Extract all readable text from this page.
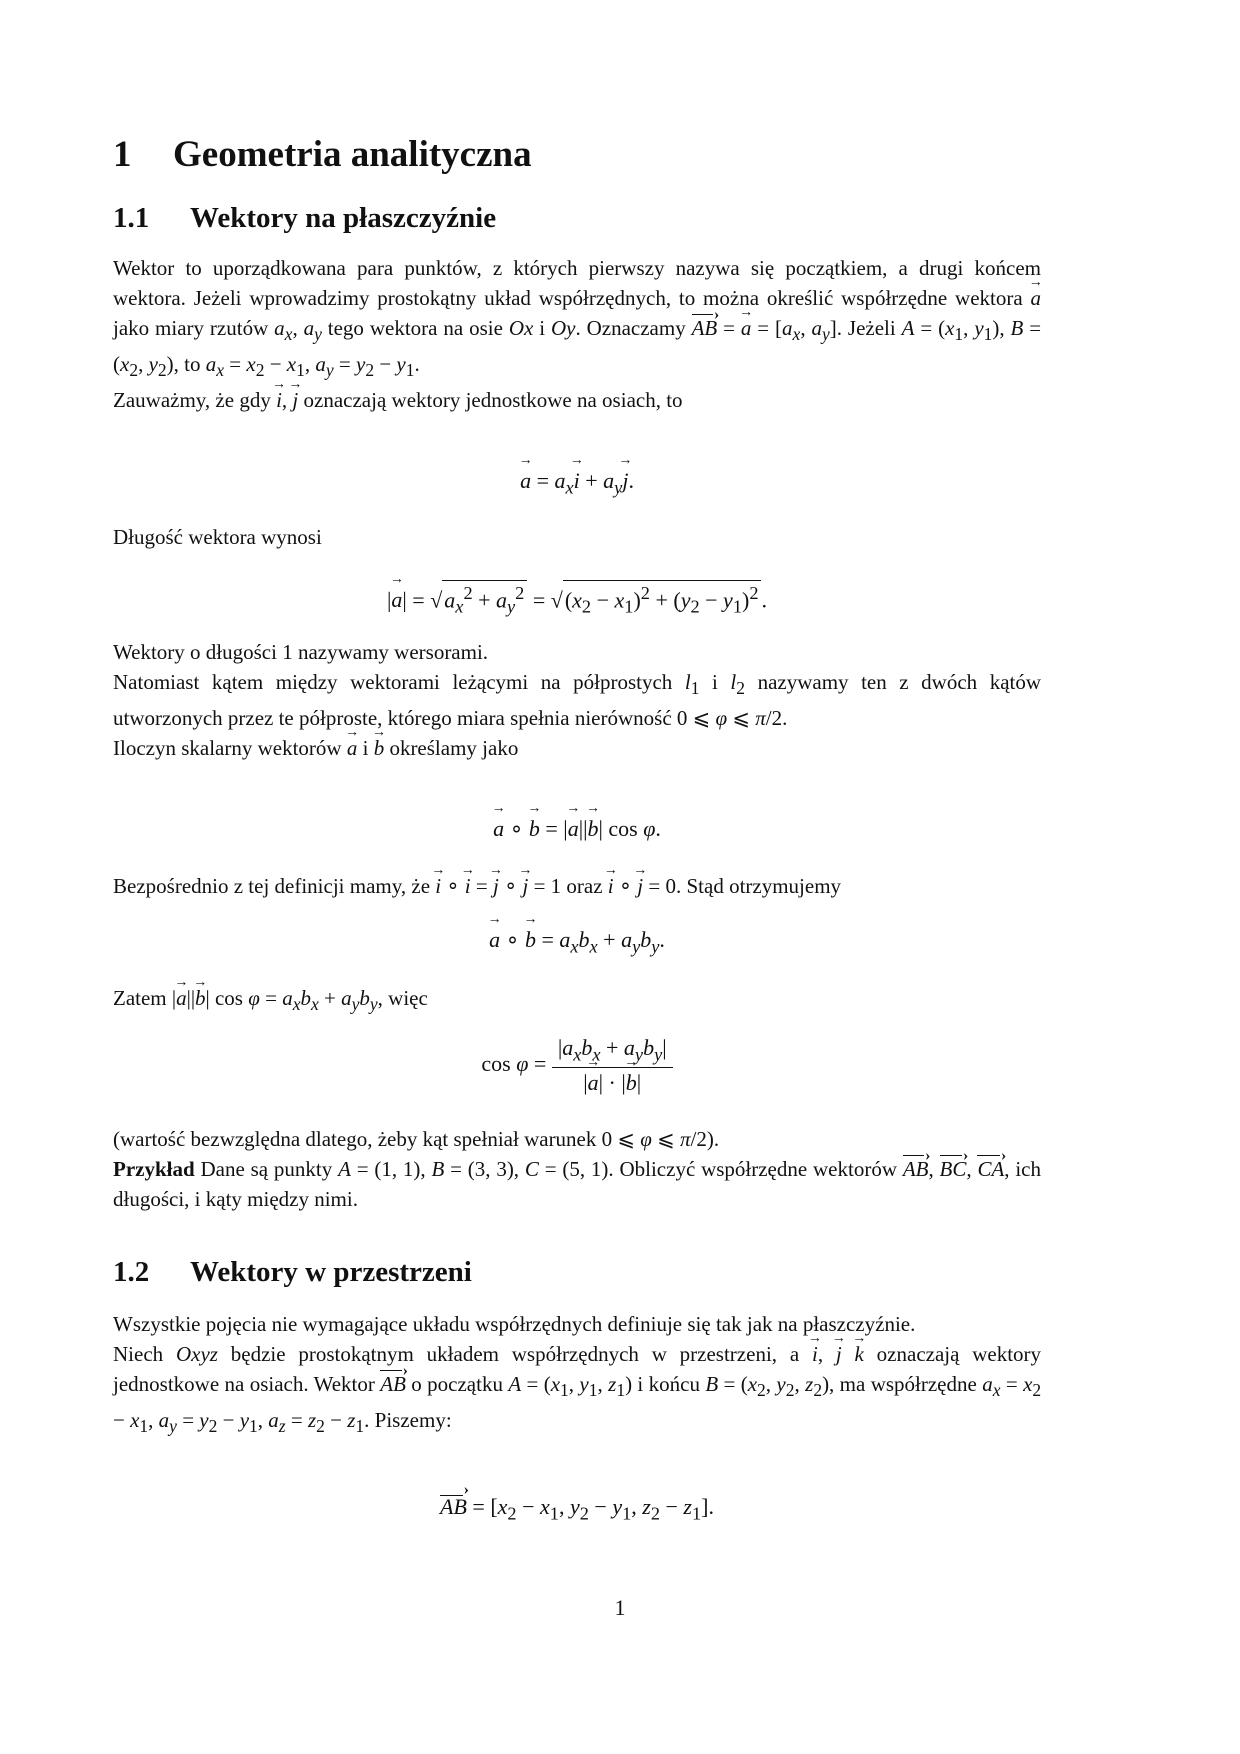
1 Geometria analityczna
1.1 Wektory na płaszczyźnie

Wektor to uporządkowana para punktów, z których pierwszy nazywa się początkiem, a drugi końcem wektora. Jeżeli wprowadzimy prostokątny układ współrzędnych, to można określić współrzędne wektora a → jako miary rzutów $a_x$, $a_y$ tego wektora na osie Ox i Oy. Oznaczamy AB › = a → = [$a_x$, $a_y$]. Jeżeli $A = (x_1$, $y_1$), $B = (x_2$, $y_2$), to $a_x = x_2 - x_1$, $a_y = y_2 - y_1$.

Zauważmy, że gdy i →, j → oznaczają wektory jednostkowe na osiach, to

a → = $a_xi$ → + $a_yj$ →.

Długość wektora wynosi

|a →| = $√a_x^2 + a_y^2 = √(x_2 - x_1)^2 + (y_2 - y_1)^2$ .

Wektory o długości 1 nazywamy wersorami.

Natomiast kątem między wektorami leżącymi na półprostych $l_1$ i $l_2$ nazywamy ten z dwóch kątów utworzonych przez te półproste, którego miara spełnia nierówność 0 ⩽ φ ⩽ π/2.

Iloczyn skalarny wektorów a → i b → określamy jako

a → ∘ b → = |a →||b →| cos φ.

Bezpośrednio z tej definicji mamy, że i → ∘ i → = j → ∘ j → = 1 oraz i → ∘ j → = 0. Stąd otrzymujemy

a → ∘ b → = $a_xb_x + a_yb_y$.

Zatem |a →||b →| $\cos \varphi = a_xb_x + a_yb_y$, więc

$\cos \varphi = \frac{|a_xb_x + a_yb_y|}{|a \to| \cdot |b \to|}$

(wartość bezwzględna dlatego, żeby kąt spełniał warunek 0 ⩽ φ ⩽ π/2).

Przykład Dane są punkty A = (1, 1), B = (3, 3), C = (5, 1). Obliczyć współrzędne wektorów AB ›, BC ›, CA ›, ich długości, i kąty między nimi.

1.2 Wektory w przestrzeni

Wszystkie pojęcia nie wymagające układu współrzędnych definiuje się tak jak na płaszczyźnie.

Niech Oxyz będzie prostokątnym układem współrzędnych w przestrzeni, a i →, j → k → oznaczają wektory jednostkowe na osiach. Wektor AB › o początku $A = (x_1$, $y_1$, $z_1$) i końcu $B = (x_2$, $y_2$, $z_2$), ma współrzędne $a_x = x_2 - x_1$, $a_y = y_2 - y_1$, $a_z = z_2 - z_1$. Piszemy:

AB › = [$x_2 - x_1$, $y_2 - y_1$, $z_2 - z_1$].
1
